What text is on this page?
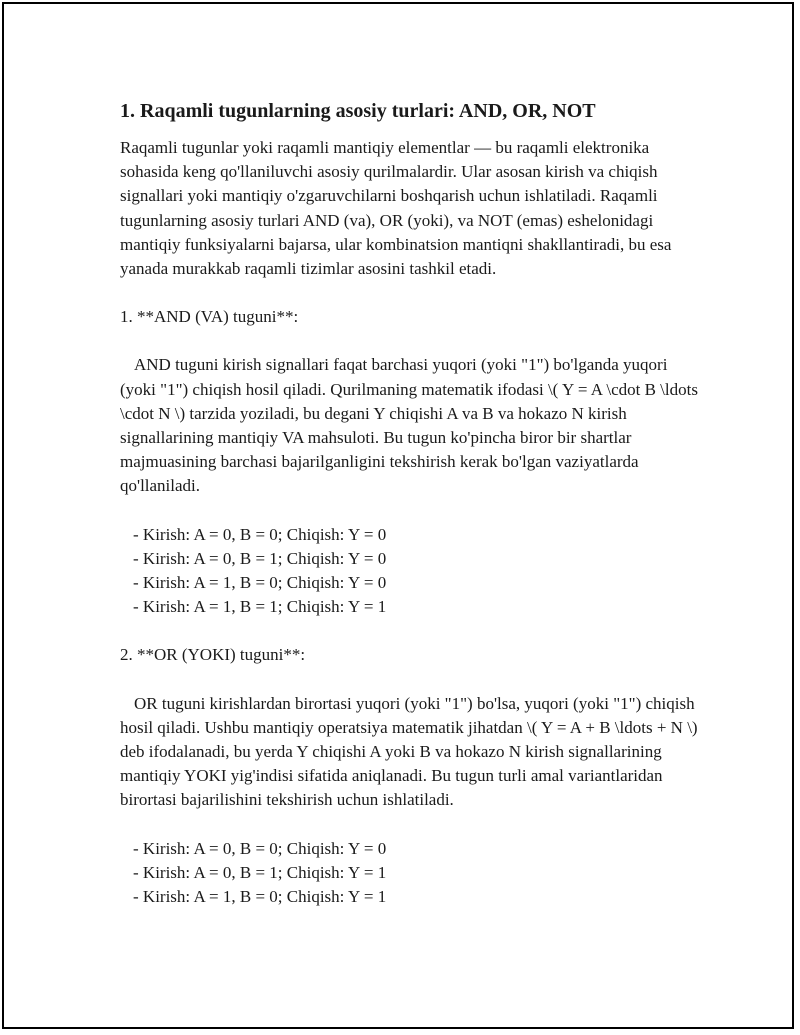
1. Raqamli tugunlarning asosiy turlari: AND, OR, NOT

Raqamli tugunlar yoki raqamli mantiqiy elementlar — bu raqamli elektronika sohasida keng qo'llaniluvchi asosiy qurilmalardir. Ular asosan kirish va chiqish signallari yoki mantiqiy o'zgaruvchilarni boshqarish uchun ishlatiladi. Raqamli tugunlarning asosiy turlari AND (va), OR (yoki), va NOT (emas) eshelonidagi mantiqiy funksiyalarni bajarsa, ular kombinatsion mantiqni shakllantiradi, bu esa yanada murakkab raqamli tizimlar asosini tashkil etadi.

1. **AND (VA) tuguni**:

AND tuguni kirish signallari faqat barchasi yuqori (yoki "1") bo'lganda yuqori (yoki "1") chiqish hosil qiladi. Qurilmaning matematik ifodasi \( Y = A \cdot B \ldots \cdot N \) tarzida yoziladi, bu degani Y chiqishi A va B va hokazo N kirish signallarining mantiqiy VA mahsuloti. Bu tugun ko'pincha biror bir shartlar majmuasining barchasi bajarilganligini tekshirish kerak bo'lgan vaziyatlarda qo'llaniladi.

- Kirish: A = 0, B = 0; Chiqish: Y = 0

- Kirish: A = 0, B = 1; Chiqish: Y = 0

- Kirish: A = 1, B = 0; Chiqish: Y = 0

- Kirish: A = 1, B = 1; Chiqish: Y = 1

2. **OR (YOKI) tuguni**:

OR tuguni kirishlardan birortasi yuqori (yoki "1") bo'lsa, yuqori (yoki "1") chiqish hosil qiladi. Ushbu mantiqiy operatsiya matematik jihatdan \( Y = A + B \ldots + N \) deb ifodalanadi, bu yerda Y chiqishi A yoki B va hokazo N kirish signallarining mantiqiy YOKI yig'indisi sifatida aniqlanadi. Bu tugun turli amal variantlaridan birortasi bajarilishini tekshirish uchun ishlatiladi.

- Kirish: A = 0, B = 0; Chiqish: Y = 0

- Kirish: A = 0, B = 1; Chiqish: Y = 1

- Kirish: A = 1, B = 0; Chiqish: Y = 1
